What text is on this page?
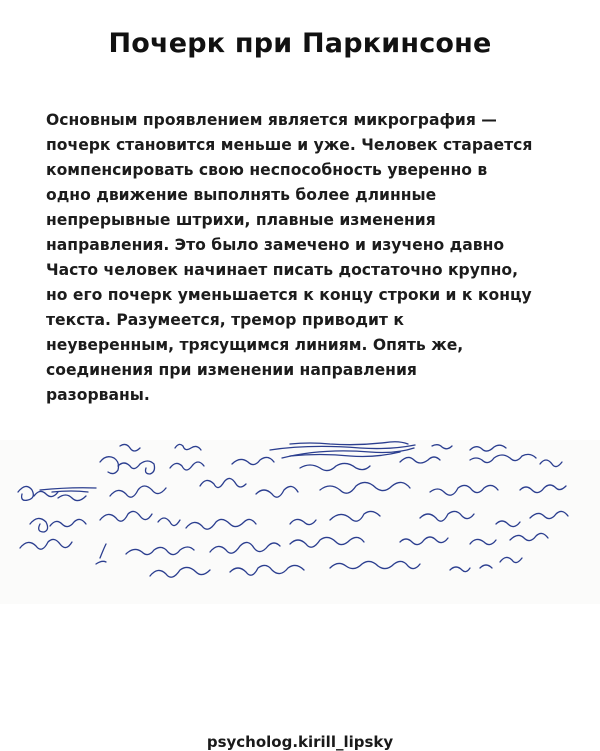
Почерк при Паркинсоне
Основным проявлением является микрография —
почерк становится меньше и уже. Человек старается
компенсировать свою неспособность уверенно в
одно движение выполнять более длинные
непрерывные штрихи, плавные изменения
направления. Это было замечено и изучено давно
Часто человек начинает писать достаточно крупно,
но его почерк уменьшается к концу строки и к концу
текста. Разумеется, тремор приводит к
неуверенным, трясущимся линиям. Опять же,
соединения при изменении направления
разорваны.
psycholog.kirill_lipsky
